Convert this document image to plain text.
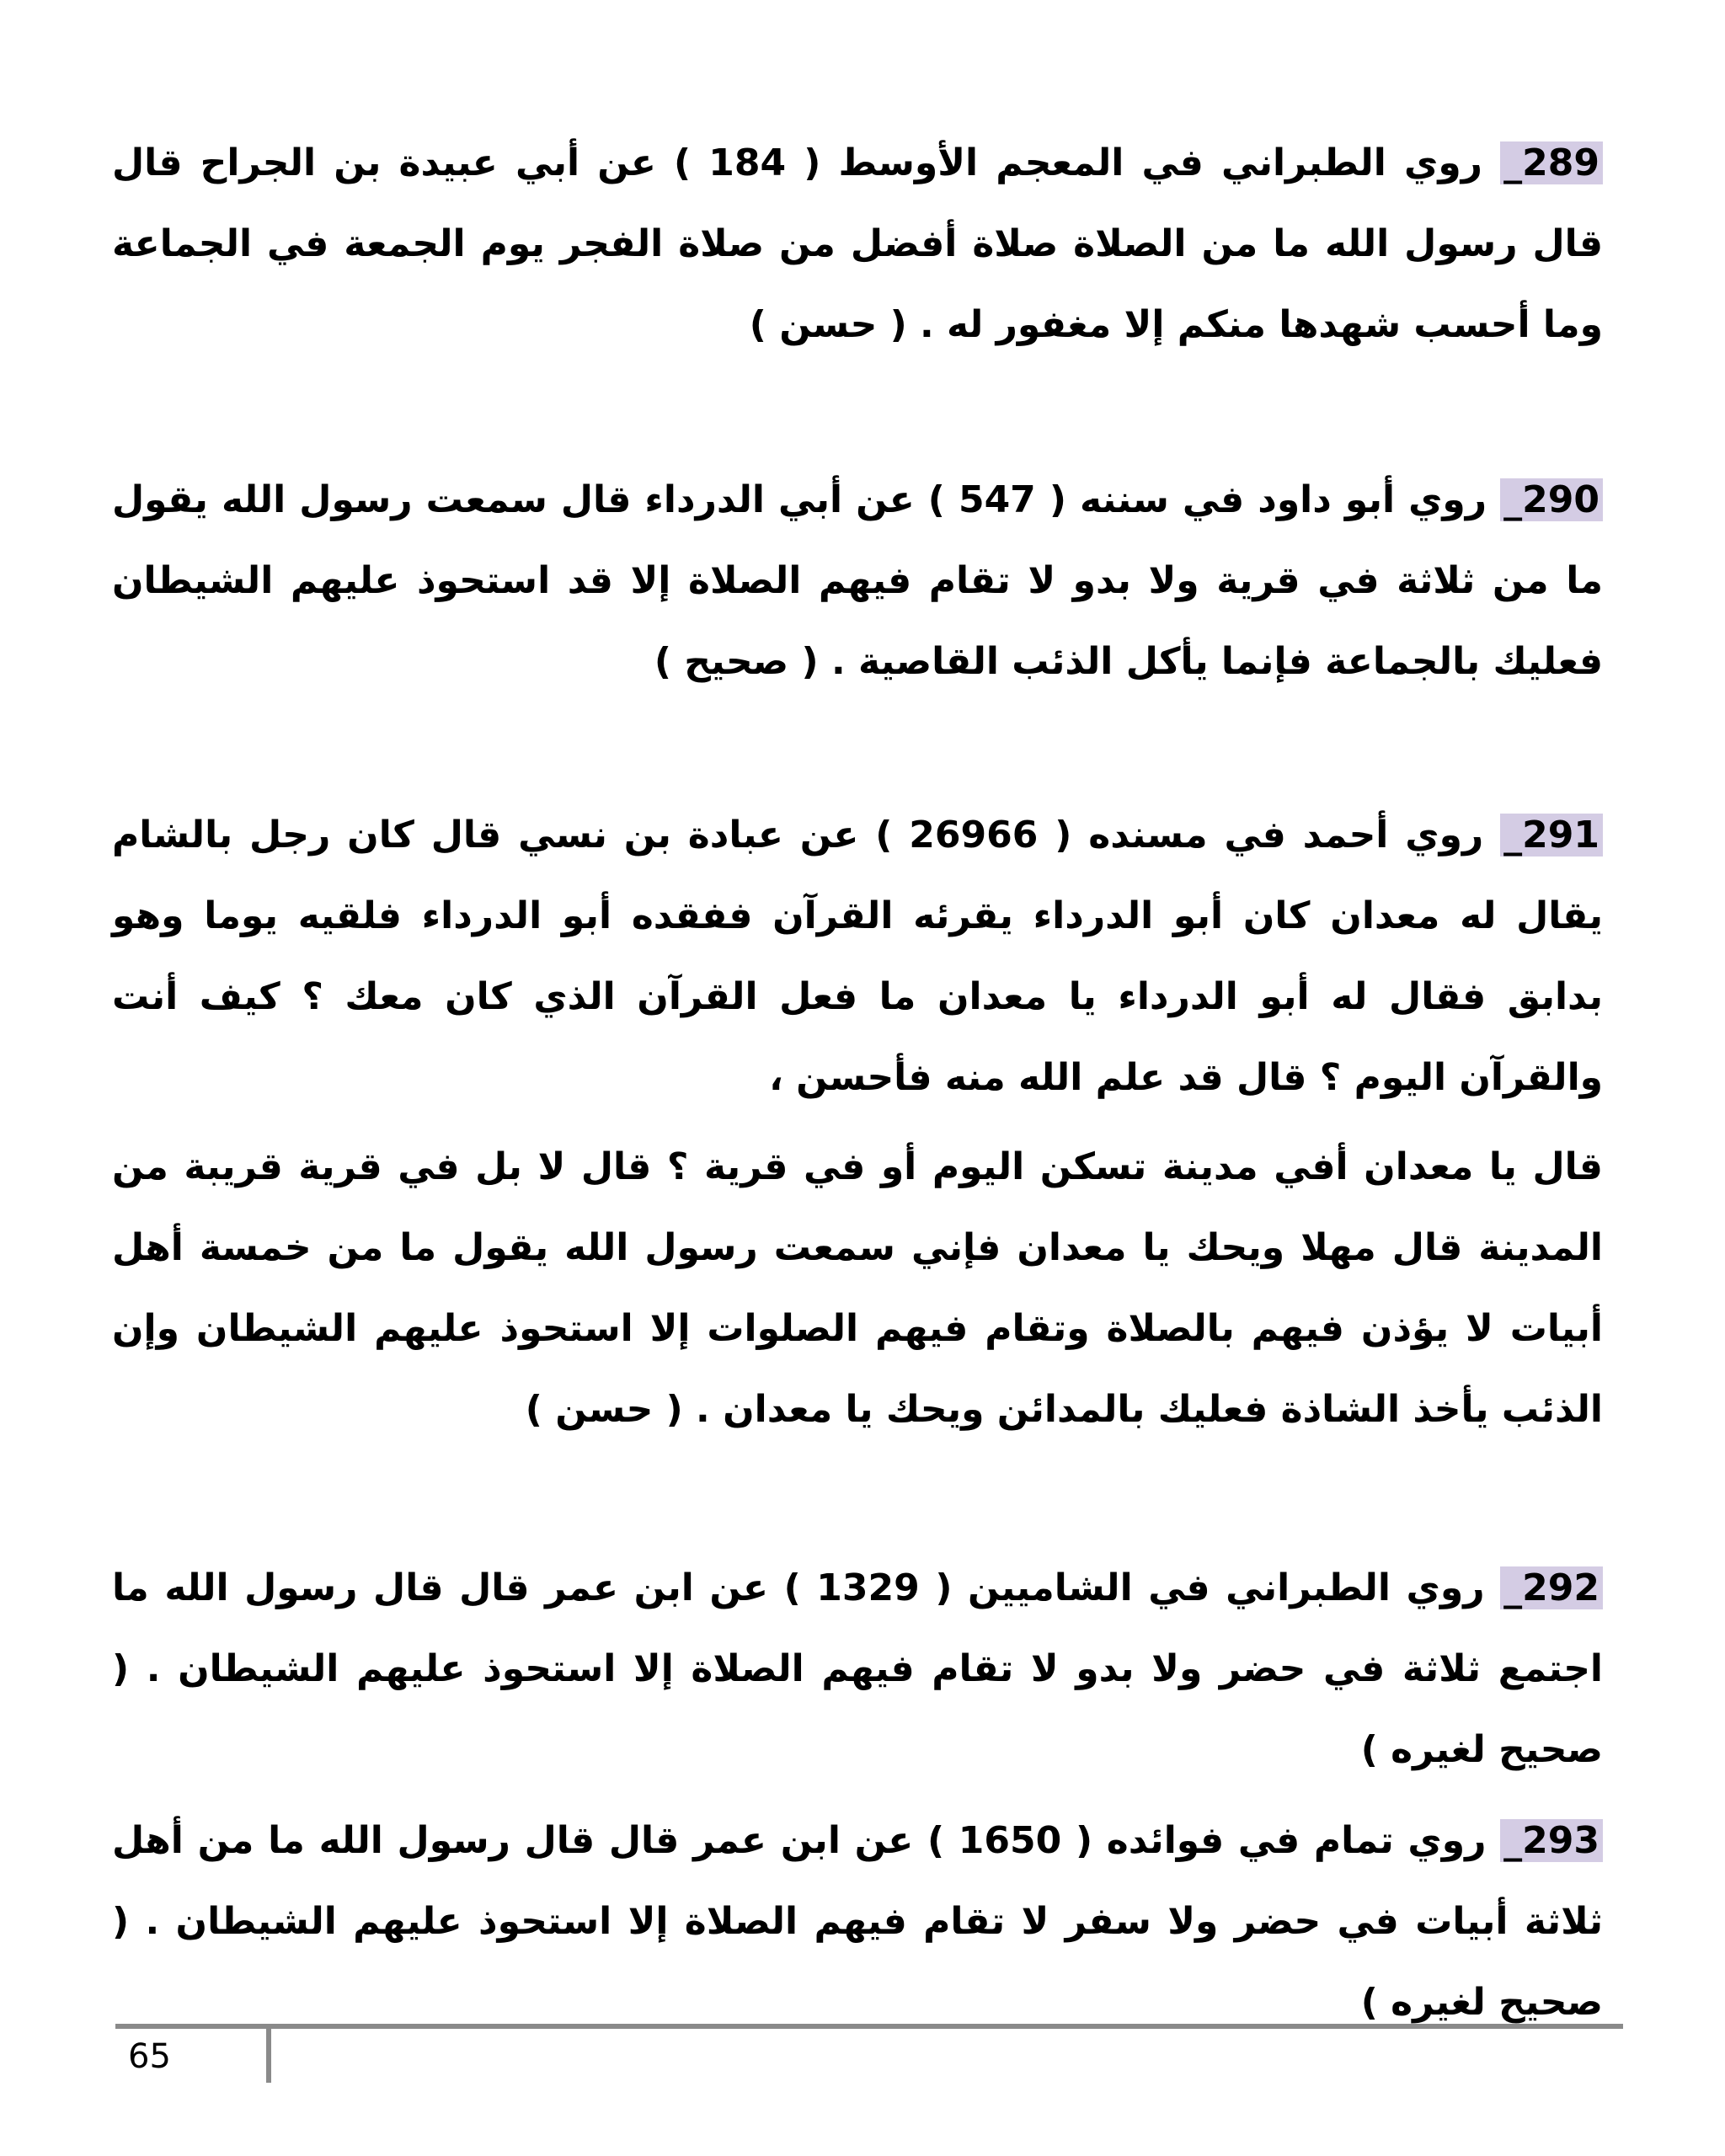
289_ روي الطبراني في المعجم الأوسط ( 184 ) عن أبي عبيدة بن الجراح قال قال رسول الله ما من الصلاة صلاة أفضل من صلاة الفجر يوم الجمعة في الجماعة وما أحسب شهدها منكم إلا مغفور له . ( حسن )
290_ روي أبو داود في سننه ( 547 ) عن أبي الدرداء قال سمعت رسول الله يقول ما من ثلاثة في قرية ولا بدو لا تقام فيهم الصلاة إلا قد استحوذ عليهم الشيطان فعليك بالجماعة فإنما يأكل الذئب القاصية . ( صحيح )
291_ روي أحمد في مسنده ( 26966 ) عن عبادة بن نسي قال كان رجل بالشام يقال له معدان كان أبو الدرداء يقرئه القرآن ففقده أبو الدرداء فلقيه يوما وهو بدابق فقال له أبو الدرداء يا معدان ما فعل القرآن الذي كان معك ؟ كيف أنت والقرآن اليوم ؟ قال قد علم الله منه فأحسن ،
قال يا معدان أفي مدينة تسكن اليوم أو في قرية ؟ قال لا بل في قرية قريبة من المدينة قال مهلا ويحك يا معدان فإني سمعت رسول الله يقول ما من خمسة أهل أبيات لا يؤذن فيهم بالصلاة وتقام فيهم الصلوات إلا استحوذ عليهم الشيطان وإن الذئب يأخذ الشاذة فعليك بالمدائن ويحك يا معدان . ( حسن )
292_ روي الطبراني في الشاميين ( 1329 ) عن ابن عمر قال قال رسول الله ما اجتمع ثلاثة في حضر ولا بدو لا تقام فيهم الصلاة إلا استحوذ عليهم الشيطان . ( صحيح لغيره )
293_ روي تمام في فوائده ( 1650 ) عن ابن عمر قال قال رسول الله ما من أهل ثلاثة أبيات في حضر ولا سفر لا تقام فيهم الصلاة إلا استحوذ عليهم الشيطان . ( صحيح لغيره )
65
